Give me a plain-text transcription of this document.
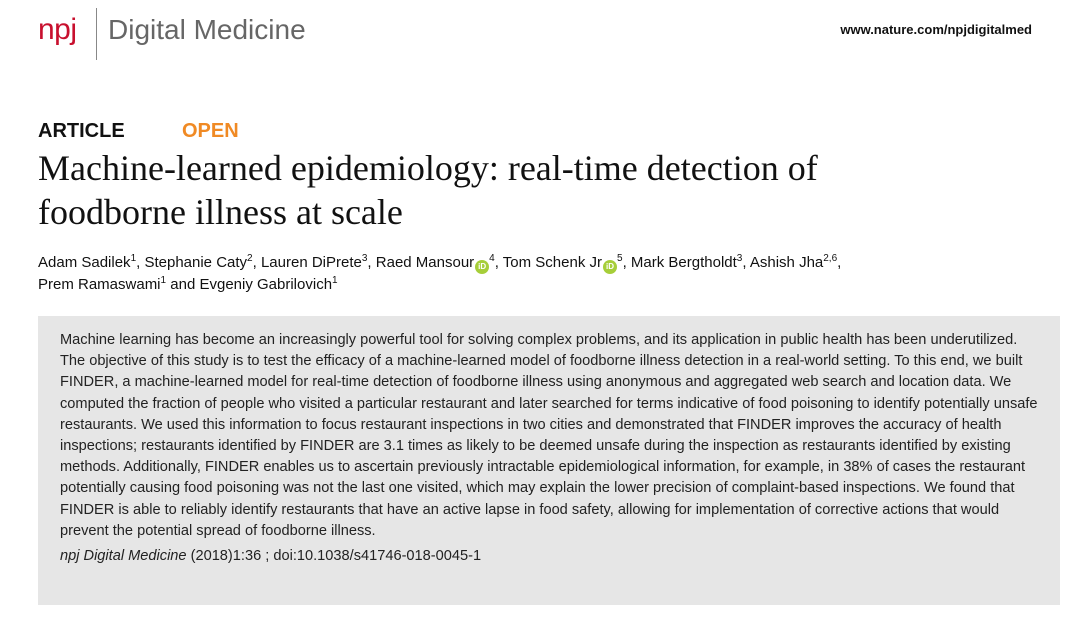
npj Digital Medicine	www.nature.com/npjdigitalmed
ARTICLE	OPEN
Machine-learned epidemiology: real-time detection of
foodborne illness at scale
Adam Sadilek$^1$, Stephanie Caty$^2$, Lauren DiPrete$^3$, Raed Mansour $iD^4$, Tom Schenk Jr $iD^5$, Mark Bergtholdt$^3$, Ashish Jha$^{2,6}$,
Prem Ramaswami$^1$ and Evgeniy Gabrilovich$^1$

Machine learning has become an increasingly powerful tool for solving complex problems, and its application in public health has been underutilized. The objective of this study is to test the efficacy of a machine-learned model of foodborne illness detection in a real-world setting. To this end, we built FINDER, a machine-learned model for real-time detection of foodborne illness using anonymous and aggregated web search and location data. We computed the fraction of people who visited a particular restaurant and later searched for terms indicative of food poisoning to identify potentially unsafe restaurants. We used this information to focus restaurant inspections in two cities and demonstrated that FINDER improves the accuracy of health inspections; restaurants identified by FINDER are 3.1 times as likely to be deemed unsafe during the inspection as restaurants identified by existing methods. Additionally, FINDER enables us to ascertain previously intractable epidemiological information, for example, in 38% of cases the restaurant potentially causing food poisoning was not the last one visited, which may explain the lower precision of complaint-based inspections. We found that FINDER is able to reliably identify restaurants that have an active lapse in food safety, allowing for implementation of corrective actions that would prevent the potential spread of foodborne illness.

npj Digital Medicine (2018)1:36 ; doi:10.1038/s41746-018-0045-1
